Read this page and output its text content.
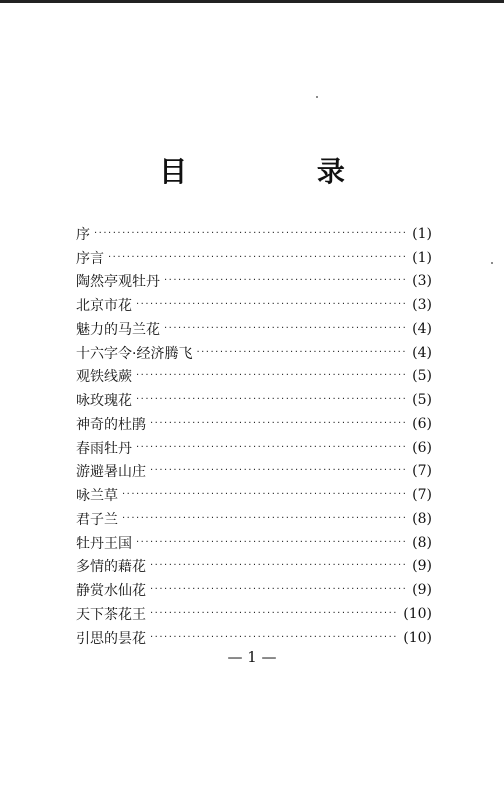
目 录
序 ·····	(1)
序言 ·····	(1)
陶然亭观牡丹 ·····	(3)
北京市花 ·····	(3)
魅力的马兰花 ·····	(4)
十六字令·经济腾飞 ·····	(4)
观铁线蕨 ·····	(5)
咏玫瑰花 ·····	(5)
神奇的杜鹃 ·····	(6)
春雨牡丹 ·····	(6)
游避暑山庄 ·····	(7)
咏兰草 ·····	(7)
君子兰 ·····	(8)
牡丹王国 ·····	(8)
多情的藉花 ·····	(9)
静赏水仙花 ·····	(9)
天下茶花王 ·····	(10)
引思的昙花 ·····	(10)
— 1 —
